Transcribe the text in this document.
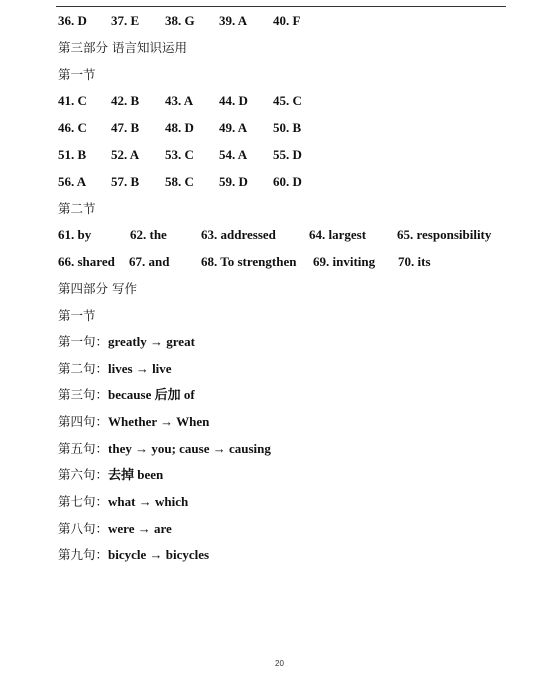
36. D 37. E 38. G 39. A 40. F
第三部分 语言知识运用
第一节
41. C 42. B 43. A 44. D 45. C
46. C 47. B 48. D 49. A 50. B
51. B 52. A 53. C 54. A 55. D
56. A 57. B 58. C 59. D 60. D
第二节
61. by	62. the	63. addressed	64. largest 65. responsibility
66. shared 67. and 68. To strengthen 69. inviting 70. its
第四部分 写作
第一节
第一句：greatly → great
第二句：lives → live
第三句：because 后加 of
第四句：Whether → When
第五句：they → you; cause → causing
第六句：去掉 been
第七句：what → which
第八句：were → are
第九句：bicycle → bicycles
20
